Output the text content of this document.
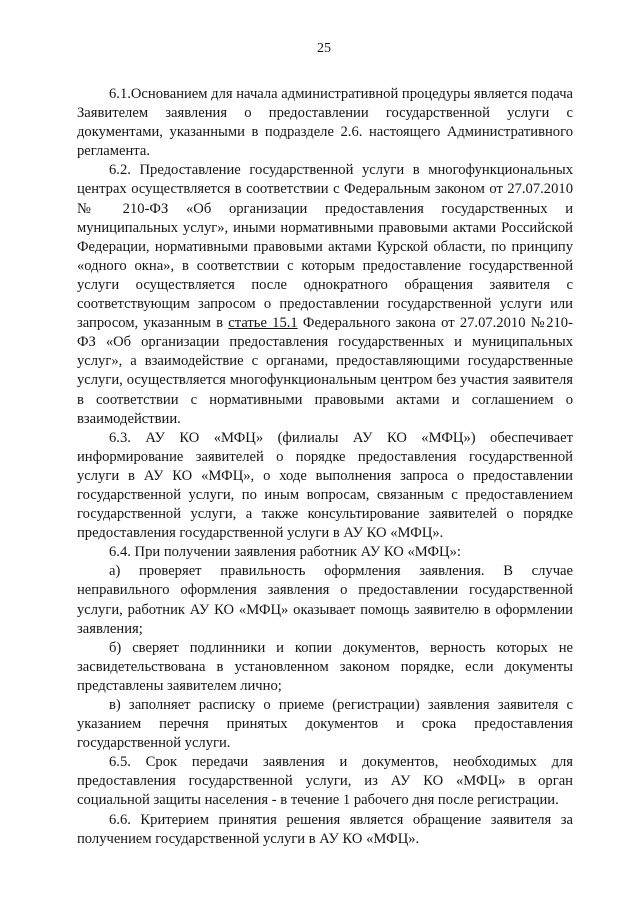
25

6.1.Основанием для начала административной процедуры является подача Заявителем заявления о предоставлении государственной услуги с документами, указанными в подразделе 2.6. настоящего Административного регламента.

6.2. Предоставление государственной услуги в многофункциональных центрах осуществляется в соответствии с Федеральным законом от 27.07.2010 № 210-ФЗ «Об организации предоставления государственных и муниципальных услуг», иными нормативными правовыми актами Российской Федерации, нормативными правовыми актами Курской области, по принципу «одного окна», в соответствии с которым предоставление государственной услуги осуществляется после однократного обращения заявителя с соответствующим запросом о предоставлении государственной услуги или запросом, указанным в статье 15.1 Федерального закона от 27.07.2010 №210-ФЗ «Об организации предоставления государственных и муниципальных услуг», а взаимодействие с органами, предоставляющими государственные услуги, осуществляется многофункциональным центром без участия заявителя в соответствии с нормативными правовыми актами и соглашением о взаимодействии.

6.3. АУ КО «МФЦ» (филиалы АУ КО «МФЦ») обеспечивает информирование заявителей о порядке предоставления государственной услуги в АУ КО «МФЦ», о ходе выполнения запроса о предоставлении государственной услуги, по иным вопросам, связанным с предоставлением государственной услуги, а также консультирование заявителей о порядке предоставления государственной услуги в АУ КО «МФЦ».

6.4. При получении заявления работник АУ КО «МФЦ»:

а) проверяет правильность оформления заявления. В случае неправильного оформления заявления о предоставлении государственной услуги, работник АУ КО «МФЦ» оказывает помощь заявителю в оформлении заявления;

б) сверяет подлинники и копии документов, верность которых не засвидетельствована в установленном законом порядке, если документы представлены заявителем лично;

в) заполняет расписку о приеме (регистрации) заявления заявителя с указанием перечня принятых документов и срока предоставления государственной услуги.

6.5. Срок передачи заявления и документов, необходимых для предоставления государственной услуги, из АУ КО «МФЦ» в орган социальной защиты населения - в течение 1 рабочего дня после регистрации.

6.6. Критерием принятия решения является обращение заявителя за получением государственной услуги в АУ КО «МФЦ».
